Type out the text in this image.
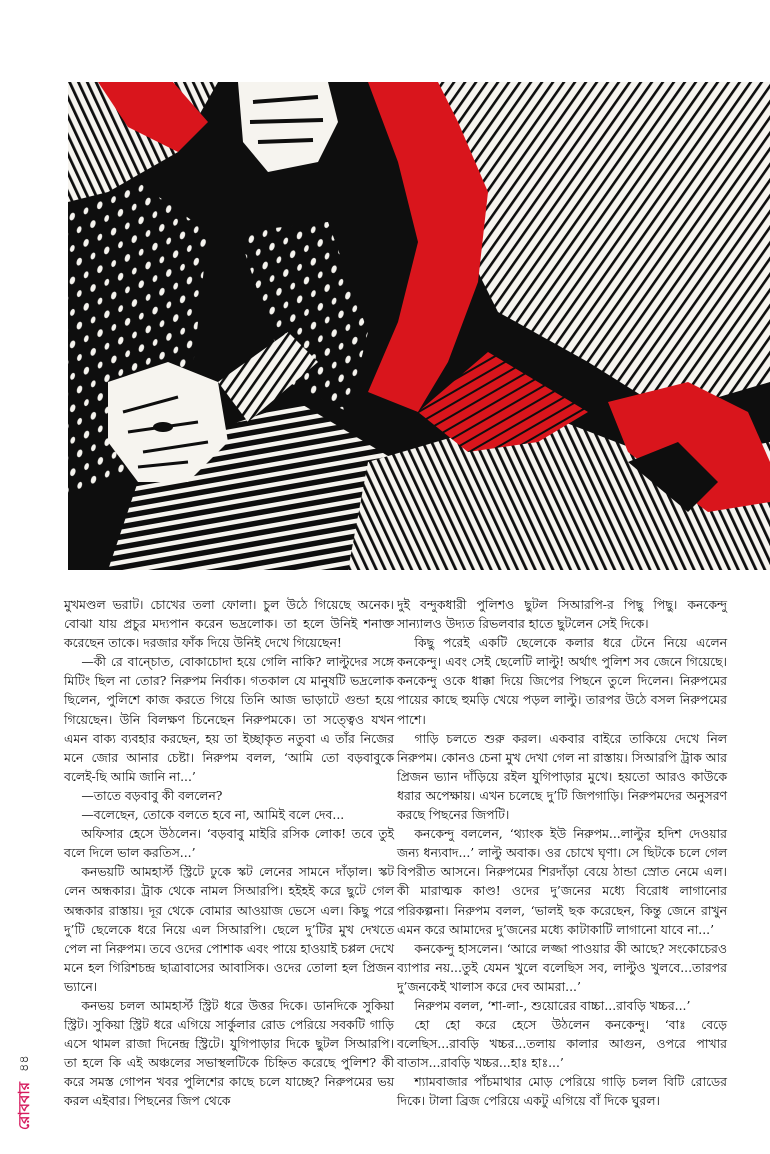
মুখমণ্ডল ভরাট। চোখের তলা ফোলা। চুল উঠে গিয়েছে অনেক। বোঝা যায় প্রচুর মদ্যপান করেন ভদ্রলোক। তা হলে উনিই শনাক্ত করেছেন তাকে। দরজার ফাঁক দিয়ে উনিই দেখে গিয়েছেন!

—কী রে বান্চোত, বোকাচোদা হয়ে গেলি নাকি? লাল্টুদের সঙ্গে মিটিং ছিল না তোর? নিরুপম নির্বাক। গতকাল যে মানুষটি ভদ্রলোক ছিলেন, পুলিশে কাজ করতে গিয়ে তিনি আজ ভাড়াটে গুন্ডা হয়ে গিয়েছেন। উনি বিলক্ষণ চিনেছেন নিরুপমকে। তা সত্ত্বেও যখন এমন বাক্য ব্যবহার করছেন, হয় তা ইচ্ছাকৃত নতুবা এ তাঁর নিজের মনে জোর আনার চেষ্টা। নিরুপম বলল, ‘আমি তো বড়বাবুকে বলেই-ছি আমি জানি না...’

—তাতে বড়বাবু কী বললেন?

—বলেছেন, তোকে বলতে হবে না, আমিই বলে দেব...

অফিসার হেসে উঠলেন। ‘বড়বাবু মাইরি রসিক লোক! তবে তুই বলে দিলে ভাল করতিস...’

কনভয়টি আমহার্স্ট স্ট্রিটে ঢুকে স্কট লেনের সামনে দাঁড়াল। স্কট লেন অন্ধকার। ট্রাক থেকে নামল সিআরপি। হইহই করে ছুটে গেল অন্ধকার রাস্তায়। দূর থেকে বোমার আওয়াজ ভেসে এল। কিছু পরে দু’টি ছেলেকে ধরে নিয়ে এল সিআরপি। ছেলে দু’টির মুখ দেখতে পেল না নিরুপম। তবে ওদের পোশাক এবং পায়ে হাওয়াই চপ্পল দেখে মনে হল গিরিশচন্দ্র ছাত্রাবাসের আবাসিক। ওদের তোলা হল প্রিজন ভ্যানে।

কনভয় চলল আমহার্স্ট স্ট্রিট ধরে উত্তর দিকে। ডানদিকে সুকিয়া স্ট্রিট। সুকিয়া স্ট্রিট ধরে এগিয়ে সার্কুলার রোড পেরিয়ে সবকটি গাড়ি এসে থামল রাজা দিনেন্দ্র স্ট্রিটে। যুগিপাড়ার দিকে ছুটল সিআরপি। তা হলে কি এই অঞ্চলের সভাস্থলটিকে চিহ্নিত করেছে পুলিশ? কী করে সমস্ত গোপন খবর পুলিশের কাছে চলে যাচ্ছে? নিরুপমের ভয় করল এইবার। পিছনের জিপ থেকে

দুই বন্দুকধারী পুলিশও ছুটল সিআরপি-র পিছু পিছু। কনকেন্দু সান্যালও উদ্যত রিভলবার হাতে ছুটলেন সেই দিকে।

কিছু পরেই একটি ছেলেকে কলার ধরে টেনে নিয়ে এলেন কনকেন্দু। এবং সেই ছেলেটি লাল্টু! অর্থাৎ পুলিশ সব জেনে গিয়েছে। কনকেন্দু ওকে ধাক্কা দিয়ে জিপের পিছনে তুলে দিলেন। নিরুপমের পায়ের কাছে হুমড়ি খেয়ে পড়ল লাল্টু। তারপর উঠে বসল নিরুপমের পাশে।

গাড়ি চলতে শুরু করল। একবার বাইরে তাকিয়ে দেখে নিল নিরুপম। কোনও চেনা মুখ দেখা গেল না রাস্তায়। সিআরপি ট্রাক আর প্রিজন ভ্যান দাঁড়িয়ে রইল যুগিপাড়ার মুখে। হয়তো আরও কাউকে ধরার অপেক্ষায়। এখন চলেছে দু’টি জিপগাড়ি। নিরুপমদের অনুসরণ করছে পিছনের জিপটি।

কনকেন্দু বললেন, ‘থ্যাংক ইউ নিরুপম...লাল্টুর হদিশ দেওয়ার জন্য ধন্যবাদ...’ লাল্টু অবাক। ওর চোখে ঘৃণা। সে ছিটকে চলে গেল বিপরীত আসনে। নিরুপমের শিরদাঁড়া বেয়ে ঠান্ডা স্রোত নেমে এল। কী মারাত্মক কাণ্ড! ওদের দু’জনের মধ্যে বিরোধ লাগানোর পরিকল্পনা। নিরুপম বলল, ‘ভালই ছক করেছেন, কিন্তু জেনে রাখুন এমন করে আমাদের দু’জনের মধ্যে কাটাকাটি লাগানো যাবে না...’

কনকেন্দু হাসলেন। ‘আরে লজ্জা পাওয়ার কী আছে? সংকোচেরও ব্যাপার নয়...তুই যেমন খুলে বলেছিস সব, লাল্টুও খুলবে...তারপর দু’জনকেই খালাস করে দেব আমরা...’

নিরুপম বলল, ‘শা-লা-, শুয়োরের বাচ্চা...রাবড়ি খচ্চর...’

হো হো করে হেসে উঠলেন কনকেন্দু। ‘বাঃ বেড়ে বলেছিস...রাবড়ি খচ্চর...তলায় কালার আগুন, ওপরে পাখার বাতাস...রাবড়ি খচ্চর...হাঃ হাঃ...’

শ্যামবাজার পাঁচমাথার মোড় পেরিয়ে গাড়ি চলল বিটি রোডের দিকে। টালা ব্রিজ পেরিয়ে একটু এগিয়ে বাঁ দিকে ঘুরল।

রোববার
৪৪
